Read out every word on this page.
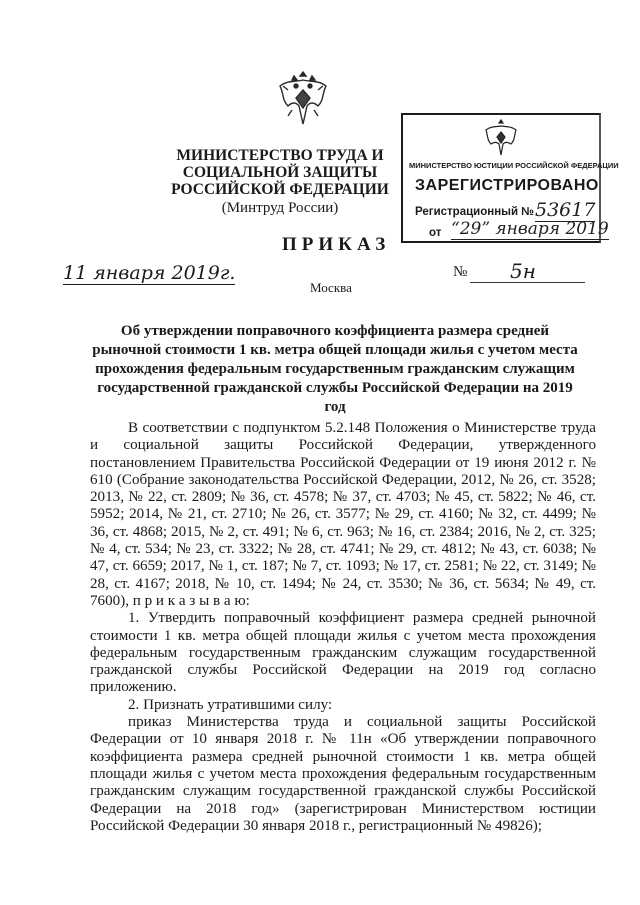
МИНИСТЕРСТВО ТРУДА И СОЦИАЛЬНОЙ ЗАЩИТЫ
РОССИЙСКОЙ ФЕДЕРАЦИИ
(Минтруд России)
МИНИСТЕРСТВО ЮСТИЦИИ РОССИЙСКОЙ ФЕДЕРАЦИИ
ЗАРЕГИСТРИРОВАНО
Регистрационный № 53617
от “29” января 2019
ПРИКАЗ
11 января 2019г.	№ 5н
Москва
Об утверждении поправочного коэффициента размера средней рыночной стоимости 1 кв. метра общей площади жилья с учетом места прохождения федеральным государственным гражданским служащим государственной гражданской службы Российской Федерации на 2019 год

В соответствии с подпунктом 5.2.148 Положения о Министерстве труда и социальной защиты Российской Федерации, утвержденного постановлением Правительства Российской Федерации от 19 июня 2012 г. № 610 (Собрание законодательства Российской Федерации, 2012, № 26, ст. 3528; 2013, № 22, ст. 2809; № 36, ст. 4578; № 37, ст. 4703; № 45, ст. 5822; № 46, ст. 5952; 2014, № 21, ст. 2710; № 26, ст. 3577; № 29, ст. 4160; № 32, ст. 4499; № 36, ст. 4868; 2015, № 2, ст. 491; № 6, ст. 963; № 16, ст. 2384; 2016, № 2, ст. 325; № 4, ст. 534; № 23, ст. 3322; № 28, ст. 4741; № 29, ст. 4812; № 43, ст. 6038; № 47, ст. 6659; 2017, № 1, ст. 187; № 7, ст. 1093; № 17, ст. 2581; № 22, ст. 3149; № 28, ст. 4167; 2018, № 10, ст. 1494; № 24, ст. 3530; № 36, ст. 5634; № 49, ст. 7600), п р и к а з ы в а ю:

1. Утвердить поправочный коэффициент размера средней рыночной стоимости 1 кв. метра общей площади жилья с учетом места прохождения федеральным государственным гражданским служащим государственной гражданской службы Российской Федерации на 2019 год согласно приложению.

2. Признать утратившими силу:

приказ Министерства труда и социальной защиты Российской Федерации от 10 января 2018 г. № 11н «Об утверждении поправочного коэффициента размера средней рыночной стоимости 1 кв. метра общей площади жилья с учетом места прохождения федеральным государственным гражданским служащим государственной гражданской службы Российской Федерации на 2018 год» (зарегистрирован Министерством юстиции Российской Федерации 30 января 2018 г., регистрационный № 49826);
